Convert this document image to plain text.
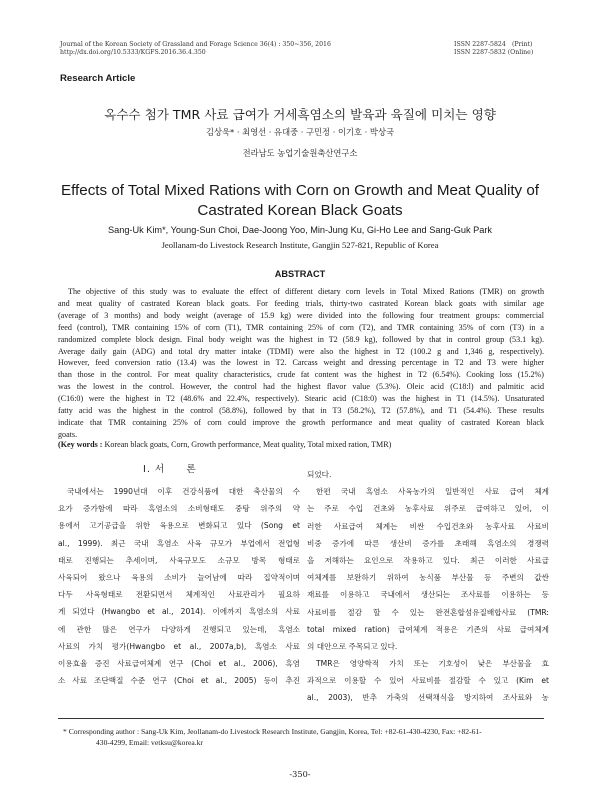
Journal of the Korean Society of Grassland and Forage Science 36(4) : 350~356, 2016
http://dx.doi.org/10.5333/KGFS.2016.36.4.350
ISSN 2287-5824　(Print)
ISSN 2287-5832 (Online)
Research Article
옥수수 첨가 TMR 사료 급여가 거세흑염소의 발육과 육질에 미치는 영향
김상욱* · 최영선 · 유대중 · 구민정 · 이기호 · 박상국
전라남도 농업기술원축산연구소
Effects of Total Mixed Rations with Corn on Growth and Meat Quality of
Castrated Korean Black Goats
Sang-Uk Kim*, Young-Sun Choi, Dae-Joong Yoo, Min-Jung Ku, Gi-Ho Lee and Sang-Guk Park
Jeollanam-do Livestock Research Institute, Gangjin 527-821, Republic of Korea
ABSTRACT
The objective of this study was to evaluate the effect of different dietary corn levels in Total Mixed Rations (TMR) on growth
and meat quality of castrated Korean black goats. For feeding trials, thirty-two castrated Korean black goats with similar age
(average of 3 months) and body weight (average of 15.9 kg) were divided into the following four treatment groups: commercial
feed (control), TMR containing 15% of corn (T1), TMR containing 25% of corn (T2), and TMR containing 35% of corn (T3) in a
randomized complete block design. Final body weight was the highest in T2 (58.9 kg), followed by that in control group (53.1 kg).
Average daily gain (ADG) and total dry matter intake (TDMI) were also the highest in T2 (100.2 g and 1,346 g, respectively).
However, feed conversion ratio (13.4) was the lowest in T2. Carcass weight and dressing percentage in T2 and T3 were higher
than those in the control. For meat quality characteristics, crude fat content was the highest in T2 (6.54%). Cooking loss (15.2%)
was the lowest in the control. However, the control had the highest flavor value (5.3%). Oleic acid (C18:l) and palmitic acid
(C16:0) were the highest in T2 (48.6% and 22.4%, respectively). Stearic acid (C18:0) was the highest in T1 (14.5%). Unsaturated
fatty acid was the highest in the control (58.8%), followed by that in T3 (58.2%), T2 (57.8%), and T1 (54.4%). These results
indicate that TMR containing 25% of corn could improve the growth performance and meat quality of castrated Korean black
goats.
(Key words : Korean black goats, Corn, Growth performance, Meat quality, Total mixed ration, TMR)
Ⅰ. 서　　론
국내에서는 1990년대 이후 건강식품에 대한 축산물의 수
요가 증가함에 따라 흑염소의 소비형태도 중탕 위주의 약
용에서 고기공급을 위한 육용으로 변화되고 있다 (Song et
al., 1999). 최근 국내 흑염소 사육 규모가 부업에서 전업형
태로 진행되는 추세이며, 사육규모도 소규모 방목 형태로
사육되어 왔으나 육용의 소비가 늘어남에 따라 집약적이며
다두 사육형태로 전환되면서 체계적인 사료관리가 필요하
게 되었다 (Hwangbo et al., 2014). 이에까지 흑염소의 사료
에 관한 많은 연구가 다양하게 진행되고 있는데, 흑염소
사료의 가치 평가(Hwangbo et al., 2007a,b), 흑염소 사료
이용효율 증진 사료급여체계 연구 (Choi et al., 2006), 흑염
소 사료 조단백질 수준 연구 (Choi et al., 2005) 등이 추진
되었다.
한편 국내 흑염소 사육농가의 일반적인 사료 급여 체계
는 주로 수입 건초와 농후사료 위주로 급여하고 있어, 이
러한 사료급여 체계는 비싼 수입건초와 농후사료 사료비
비중 증가에 따른 생산비 증가를 초래해 흑염소의 경쟁력
을 저해하는 요인으로 작용하고 있다. 최근 이러한 사료급
여체계를 보완하기 위하여 농식품 부산물 등 주변의 값싼
재료를 이용하고 국내에서 생산되는 조사료를 이용하는 등
사료비를 절감 할 수 있는 완전혼합섬유질배합사료 (TMR:
total mixed ration) 급여체계 적용은 기존의 사료 급여체계
의 대안으로 주목되고 있다.
TMR은 영양학적 가치 또는 기호성이 낮은 부산물을 효
과적으로 이용할 수 있어 사료비를 절감할 수 있고 (Kim et
al., 2003), 반추 가축의 선택채식을 방지하여 조사료와 농
* Corresponding author : Sang-Uk Kim, Jeollanam-do Livestock Research Institute, Gangjin, Korea, Tel: +82-61-430-4230, Fax: +82-61-
430-4299, Email: vetksu@korea.kr
-350-
